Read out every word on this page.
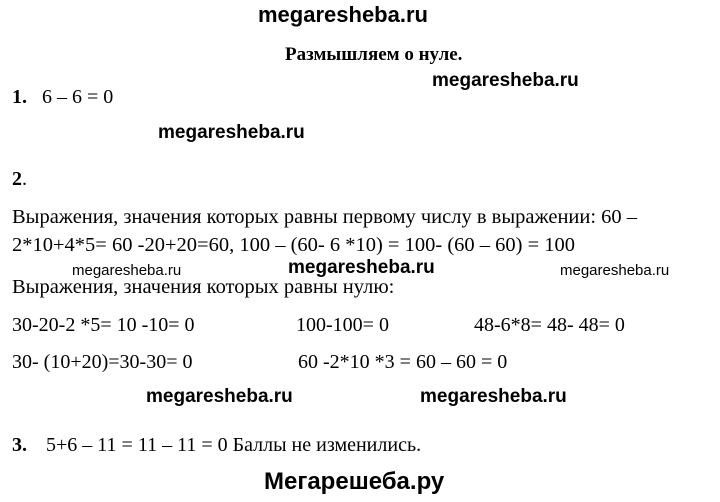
megaresheba.ru
Размышляем о нуле.
megaresheba.ru
1. 6 – 6 = 0
megaresheba.ru
2.
Выражения, значения которых равны первому числу в выражении: 60 –
2*10+4*5= 60 -20+20=60, 100 – (60- 6 *10) = 100- (60 – 60) = 100
megaresheba.ru	megaresheba.ru	megaresheba.ru
Выражения, значения которых равны нулю:
30-20-2 *5= 10 -10= 0	100-100= 0	48-6*8= 48- 48= 0
30- (10+20)=30-30= 0	60 -2*10 *3 = 60 – 60 = 0
megaresheba.ru	megaresheba.ru
3. 5+6 – 11 = 11 – 11 = 0 Баллы не изменились.
Мегарешеба.ру
